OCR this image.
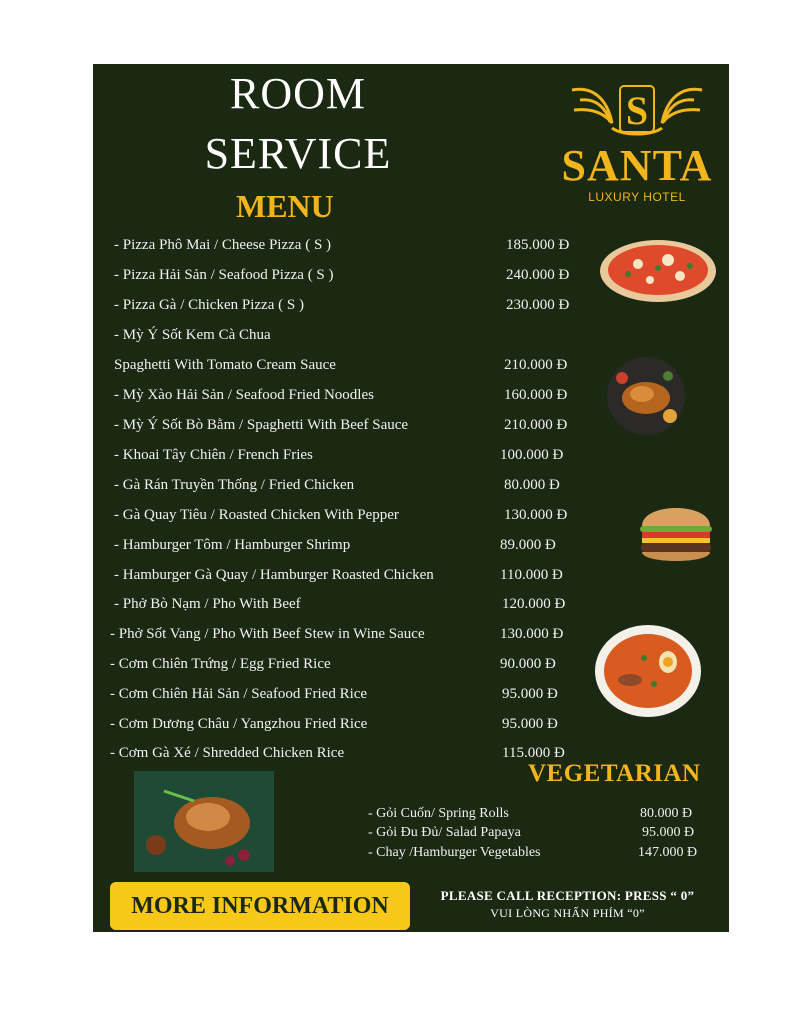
ROOM
SERVICE
MENU
S
SANTA
LUXURY HOTEL
- Pizza Phô Mai / Cheese Pizza ( S )	185.000 Đ
- Pizza Hải Sản / Seafood Pizza ( S )	240.000 Đ
- Pizza Gà / Chicken Pizza ( S )	230.000 Đ
- Mỳ Ý Sốt Kem Cà Chua
Spaghetti With Tomato Cream Sauce	210.000 Đ
- Mỳ Xào Hải Sản / Seafood Fried Noodles	160.000 Đ
- Mỳ Ý Sốt Bò Bằm / Spaghetti With Beef Sauce	210.000 Đ
- Khoai Tây Chiên / French Fries	100.000 Đ
- Gà Rán Truyền Thống / Fried Chicken	80.000 Đ
- Gà Quay Tiêu / Roasted Chicken With Pepper	130.000 Đ
- Hamburger Tôm / Hamburger Shrimp	89.000 Đ
- Hamburger Gà Quay / Hamburger Roasted Chicken	110.000 Đ
- Phở Bò Nạm / Pho With Beef	120.000 Đ
- Phở Sốt Vang / Pho With Beef Stew in Wine Sauce	130.000 Đ
- Cơm Chiên Trứng / Egg Fried Rice	90.000 Đ
- Cơm Chiên Hải Sản / Seafood Fried Rice	95.000 Đ
- Cơm Dương Châu / Yangzhou Fried Rice	95.000 Đ
- Cơm Gà Xé / Shredded Chicken Rice	115.000 Đ
VEGETARIAN
- Gỏi Cuốn/ Spring Rolls	80.000 Đ
- Gỏi Đu Đủ/ Salad Papaya	95.000 Đ
- Chay /Hamburger Vegetables	147.000 Đ
MORE INFORMATION	PLEASE CALL RECEPTION: PRESS “ 0”
VUI LÒNG NHẤN PHÍM “0”
